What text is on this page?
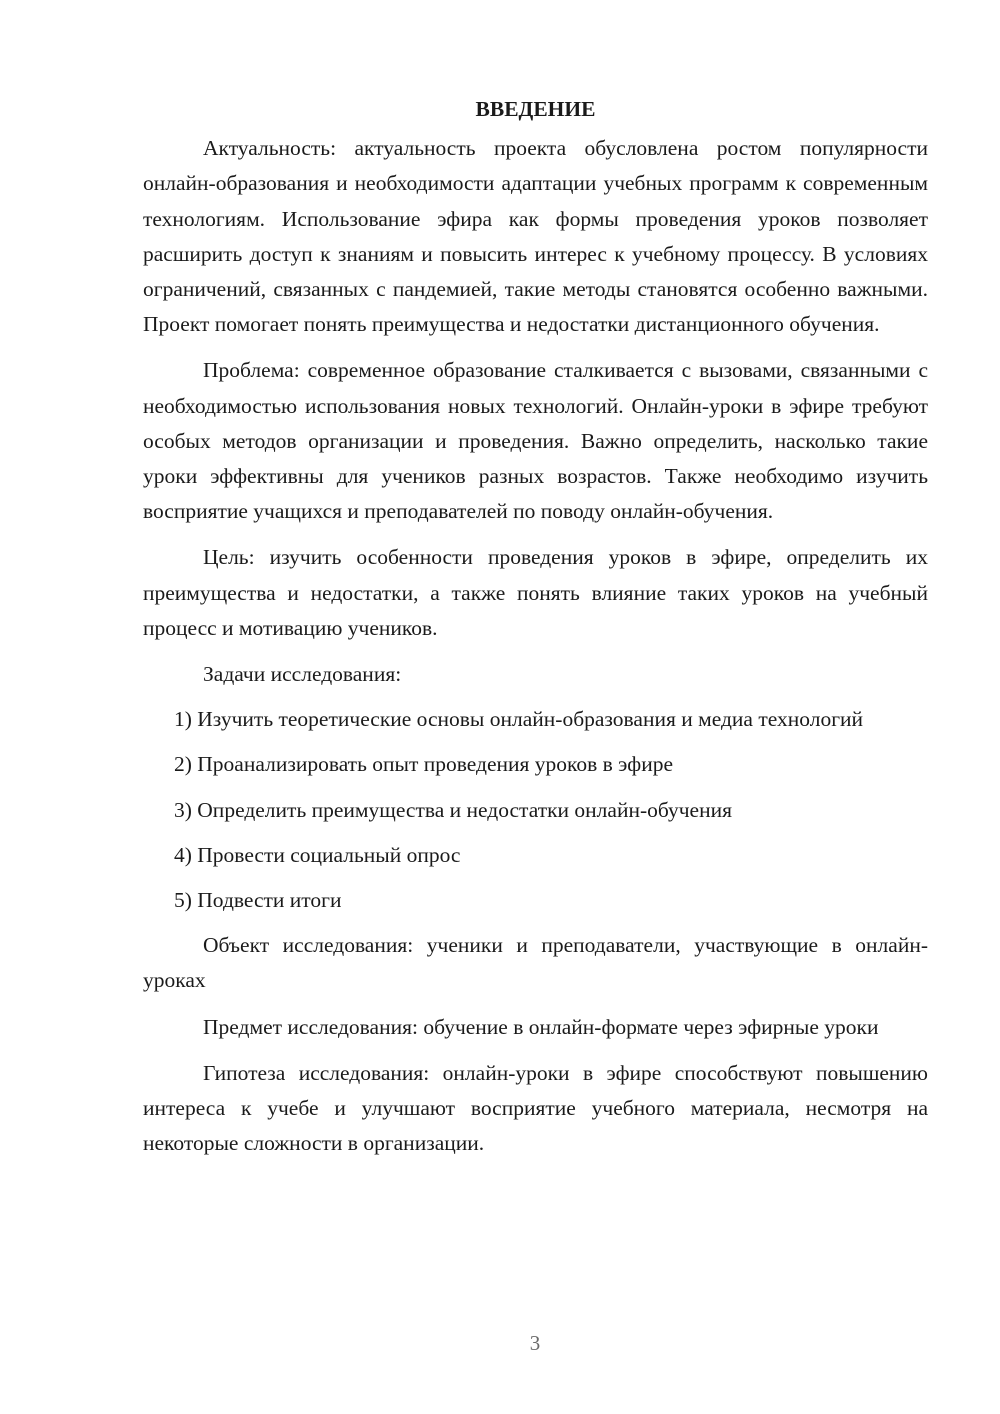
ВВЕДЕНИЕ

Актуальность: актуальность проекта обусловлена ростом популярности онлайн-образования и необходимости адаптации учебных программ к современным технологиям. Использование эфира как формы проведения уроков позволяет расширить доступ к знаниям и повысить интерес к учебному процессу. В условиях ограничений, связанных с пандемией, такие методы становятся особенно важными. Проект помогает понять преимущества и недостатки дистанционного обучения.

Проблема: современное образование сталкивается с вызовами, связанными с необходимостью использования новых технологий. Онлайн-уроки в эфире требуют особых методов организации и проведения. Важно определить, насколько такие уроки эффективны для учеников разных возрастов. Также необходимо изучить восприятие учащихся и преподавателей по поводу онлайн-обучения.

Цель: изучить особенности проведения уроков в эфире, определить их преимущества и недостатки, а также понять влияние таких уроков на учебный процесс и мотивацию учеников.

Задачи исследования:

1) Изучить теоретические основы онлайн-образования и медиа технологий

2) Проанализировать опыт проведения уроков в эфире

3) Определить преимущества и недостатки онлайн-обучения

4) Провести социальный опрос

5) Подвести итоги

Объект исследования: ученики и преподаватели, участвующие в онлайн-уроках

Предмет исследования: обучение в онлайн-формате через эфирные уроки

Гипотеза исследования: онлайн-уроки в эфире способствуют повышению интереса к учебе и улучшают восприятие учебного материала, несмотря на некоторые сложности в организации.

3
